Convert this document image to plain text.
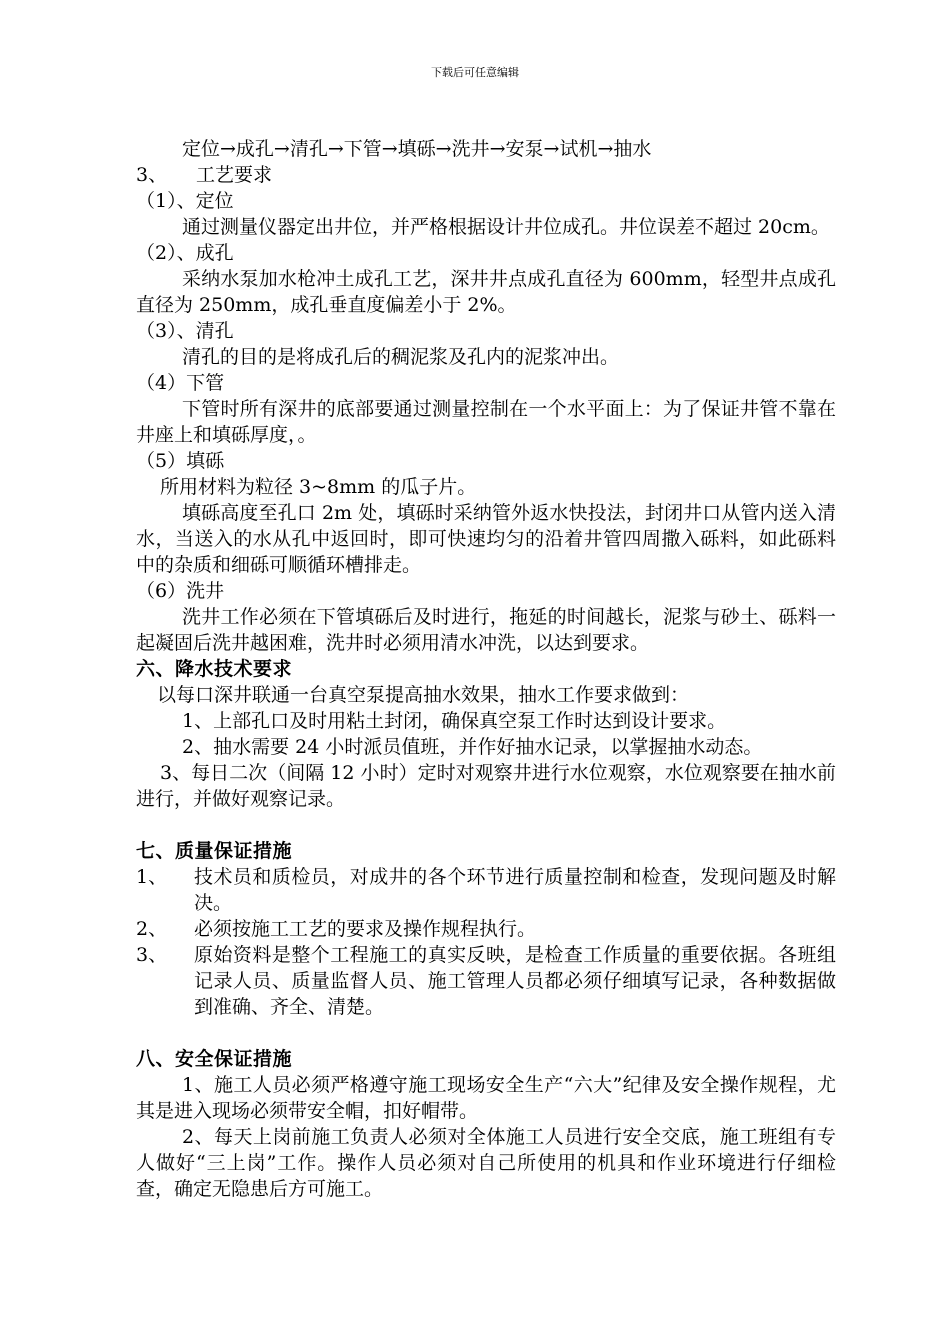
下载后可任意编辑
定位→成孔→清孔→下管→填砾→洗井→安泵→试机→抽水
3、	工艺要求
（1）、定位
通过测量仪器定出井位，并严格根据设计井位成孔。井位误差不超过 20cm。
（2）、成孔
采纳水泵加水枪冲土成孔工艺，深井井点成孔直径为 600mm，轻型井点成孔直径为 250mm，成孔垂直度偏差小于 2%。
（3）、清孔
清孔的目的是将成孔后的稠泥浆及孔内的泥浆冲出。
（4）下管
下管时所有深井的底部要通过测量控制在一个水平面上：为了保证井管不靠在井座上和填砾厚度，。
（5）填砾
所用材料为粒径 3~8mm 的瓜子片。
填砾高度至孔口 2m 处，填砾时采纳管外返水快投法，封闭井口从管内送入清水，当送入的水从孔中返回时，即可快速均匀的沿着井管四周撒入砾料，如此砾料中的杂质和细砾可顺循环槽排走。
（6）洗井
洗井工作必须在下管填砾后及时进行，拖延的时间越长，泥浆与砂土、砾料一起凝固后洗井越困难，洗井时必须用清水冲洗，以达到要求。
六、降水技术要求
以每口深井联通一台真空泵提高抽水效果，抽水工作要求做到：
1、上部孔口及时用粘土封闭，确保真空泵工作时达到设计要求。
2、抽水需要 24 小时派员值班，并作好抽水记录，以掌握抽水动态。
3、每日二次（间隔 12 小时）定时对观察井进行水位观察，水位观察要在抽水前进行，并做好观察记录。
七、质量保证措施
1、	技术员和质检员，对成井的各个环节进行质量控制和检查，发现问题及时解决。
2、	必须按施工工艺的要求及操作规程执行。
3、	原始资料是整个工程施工的真实反映，是检查工作质量的重要依据。各班组记录人员、质量监督人员、施工管理人员都必须仔细填写记录，各种数据做到准确、齐全、清楚。
八、安全保证措施
1、施工人员必须严格遵守施工现场安全生产“六大”纪律及安全操作规程，尤其是进入现场必须带安全帽，扣好帽带。
2、每天上岗前施工负责人必须对全体施工人员进行安全交底，施工班组有专人做好“三上岗”工作。操作人员必须对自己所使用的机具和作业环境进行仔细检查，确定无隐患后方可施工。
